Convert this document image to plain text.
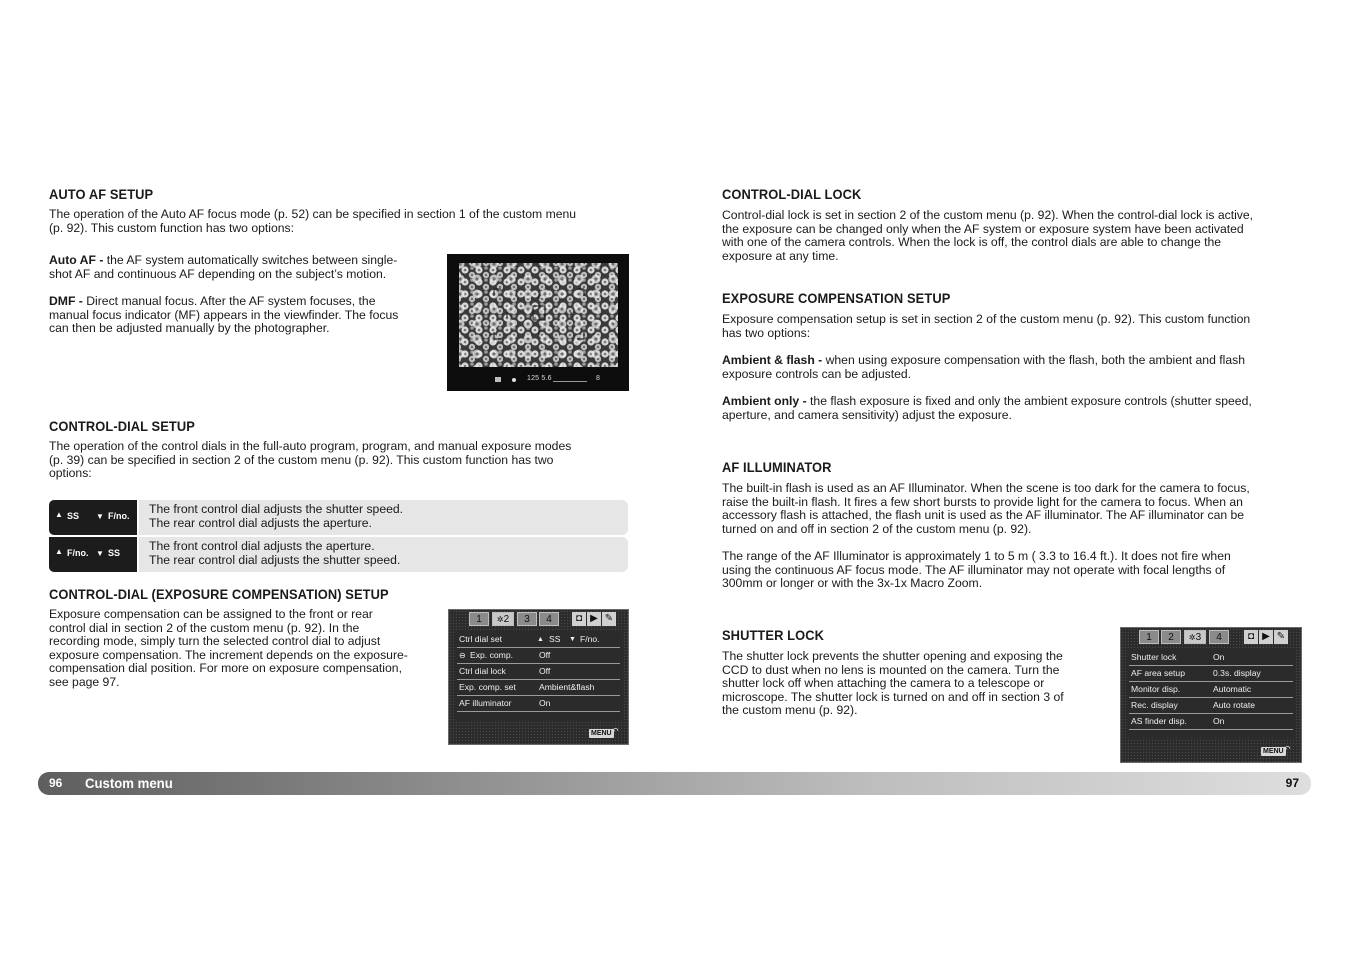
AUTO AF SETUP

The operation of the Auto AF focus mode (p. 52) can be specified in section 1 of the custom menu
(p. 92). This custom function has two options:

Auto AF - the AF system automatically switches between single-
shot AF and continuous AF depending on the subject’s motion.

DMF - Direct manual focus. After the AF system focuses, the
manual focus indicator (MF) appears in the viewfinder. The focus
can then be adjusted manually by the photographer.

125 5.6	8
CONTROL-DIAL SETUP

The operation of the control dials in the full-auto program, program, and manual exposure modes
(p. 39) can be specified in section 2 of the custom menu (p. 92). This custom function has two
options:

▲ SS ▼ F/no. The front control dial adjusts the shutter speed.

The rear control dial adjusts the aperture.

▲ F/no. ▼ SS The front control dial adjusts the aperture.

The rear control dial adjusts the shutter speed.

CONTROL-DIAL (EXPOSURE COMPENSATION) SETUP

Exposure compensation can be assigned to the front or rear
control dial in section 2 of the custom menu (p. 92). In the
recording mode, simply turn the selected control dial to adjust
exposure compensation. The increment depends on the exposure-
compensation dial position. For more on exposure compensation,
see page 97.

1	✲2	3	4	◘ ▶ ✎
Ctrl dial set	▲ SS ▼ F/no.
⊖ Exp. comp.	Off
Ctrl dial lock	Off
Exp. comp. set	Ambient&flash
AF illuminator	On
MENU ↶
CONTROL-DIAL LOCK

Control-dial lock is set in section 2 of the custom menu (p. 92). When the control-dial lock is active,
the exposure can be changed only when the AF system or exposure system have been activated
with one of the camera controls. When the lock is off, the control dials are able to change the
exposure at any time.

EXPOSURE COMPENSATION SETUP

Exposure compensation setup is set in section 2 of the custom menu (p. 92). This custom function
has two options:

Ambient & flash - when using exposure compensation with the flash, both the ambient and flash
exposure controls can be adjusted.

Ambient only - the flash exposure is fixed and only the ambient exposure controls (shutter speed,
aperture, and camera sensitivity) adjust the exposure.

AF ILLUMINATOR

The built-in flash is used as an AF Illuminator. When the scene is too dark for the camera to focus,
raise the built-in flash. It fires a few short bursts to provide light for the camera to focus. When an
accessory flash is attached, the flash unit is used as the AF illuminator. The AF illuminator can be
turned on and off in section 2 of the custom menu (p. 92).

The range of the AF Illuminator is approximately 1 to 5 m ( 3.3 to 16.4 ft.). It does not fire when
using the continuous AF focus mode. The AF illuminator may not operate with focal lengths of
300mm or longer or with the 3x-1x Macro Zoom.

SHUTTER LOCK

The shutter lock prevents the shutter opening and exposing the
CCD to dust when no lens is mounted on the camera. Turn the
shutter lock off when attaching the camera to a telescope or
microscope. The shutter lock is turned on and off in section 3 of
the custom menu (p. 92).

1	2	✲3	4	◘ ▶ ✎
Shutter lock	On
AF area setup	0.3s. display
Monitor disp.	Automatic
Rec. display	Auto rotate
AS finder disp.	On
MENU ↶
96 Custom menu	97
